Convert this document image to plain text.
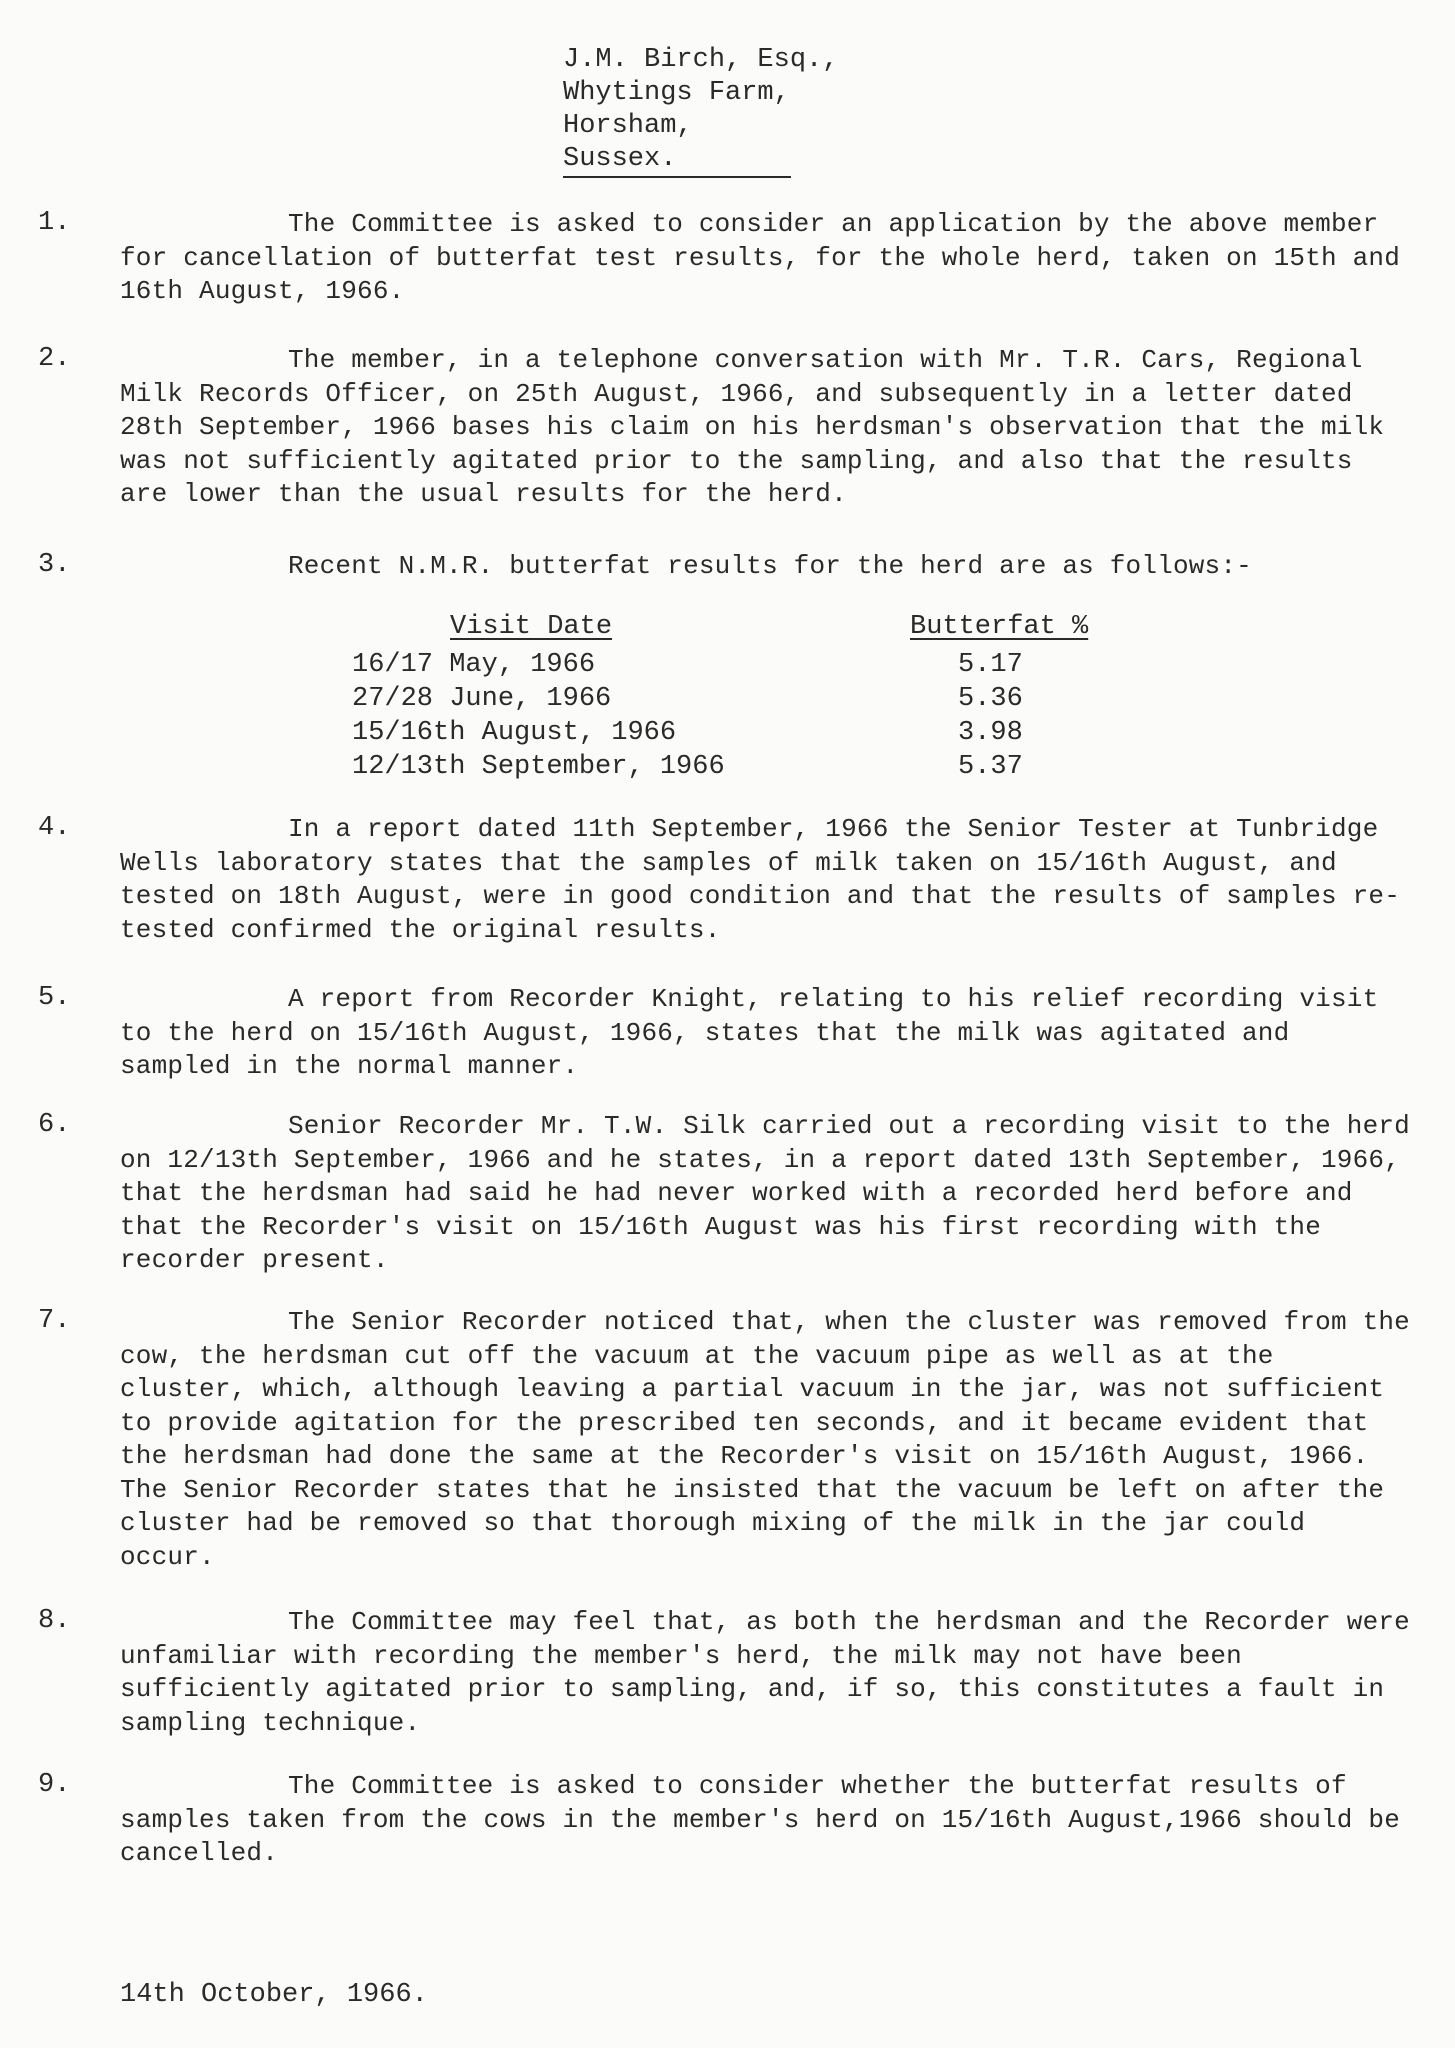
J.M. Birch, Esq.,
Whytings Farm,
Horsham,
Sussex.
1.	The Committee is asked to consider an application by the above member for cancellation of butterfat test results, for the whole herd, taken on 15th and 16th August, 1966.
2.	The member, in a telephone conversation with Mr. T.R. Cars, Regional Milk Records Officer, on 25th August, 1966, and subsequently in a letter dated 28th September, 1966 bases his claim on his herdsman's observation that the milk was not sufficiently agitated prior to the sampling, and also that the results are lower than the usual results for the herd.
3.	Recent N.M.R. butterfat results for the herd are as follows:-
Visit Date	Butterfat %
16/17 May, 1966	5.17
27/28 June, 1966	5.36
15/16th August, 1966	3.98
12/13th September, 1966	5.37
4.	In a report dated 11th September, 1966 the Senior Tester at Tunbridge Wells laboratory states that the samples of milk taken on 15/16th August, and tested on 18th August, were in good condition and that the results of samples re-tested confirmed the original results.
5.	A report from Recorder Knight, relating to his relief recording visit to the herd on 15/16th August, 1966, states that the milk was agitated and sampled in the normal manner.
6.	Senior Recorder Mr. T.W. Silk carried out a recording visit to the herd on 12/13th September, 1966 and he states, in a report dated 13th September, 1966, that the herdsman had said he had never worked with a recorded herd before and that the Recorder's visit on 15/16th August was his first recording with the recorder present.
7.	The Senior Recorder noticed that, when the cluster was removed from the cow, the herdsman cut off the vacuum at the vacuum pipe as well as at the cluster, which, although leaving a partial vacuum in the jar, was not sufficient to provide agitation for the prescribed ten seconds, and it became evident that the herdsman had done the same at the Recorder's visit on 15/16th August, 1966. The Senior Recorder states that he insisted that the vacuum be left on after the cluster had be removed so that thorough mixing of the milk in the jar could occur.
8.	The Committee may feel that, as both the herdsman and the Recorder were unfamiliar with recording the member's herd, the milk may not have been sufficiently agitated prior to sampling, and, if so, this constitutes a fault in sampling technique.
9.	The Committee is asked to consider whether the butterfat results of samples taken from the cows in the member's herd on 15/16th August,1966 should be cancelled.
14th October, 1966.
